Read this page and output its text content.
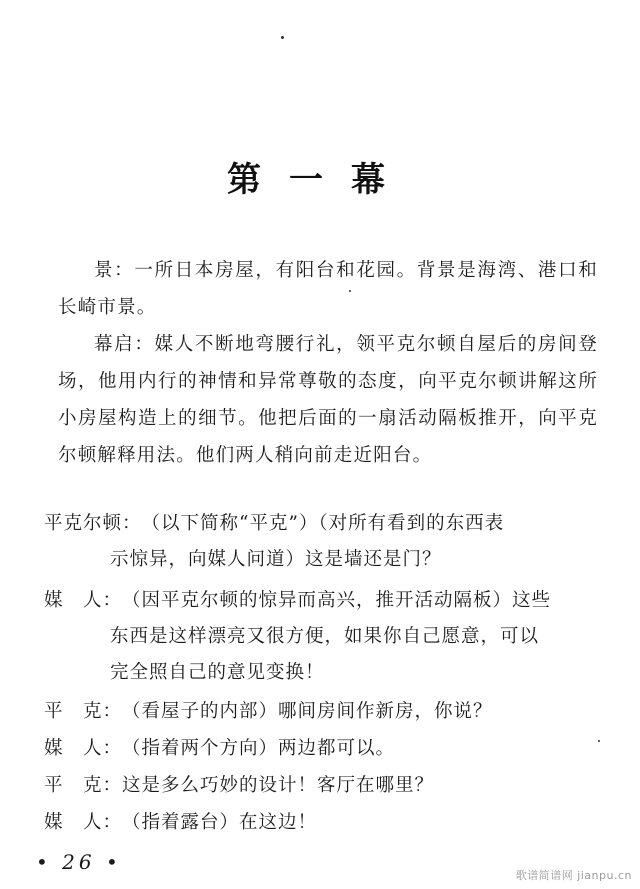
第一幕

景：一所日本房屋，有阳台和花园。背景是海湾、港口和长崎市景。

幕启：媒人不断地弯腰行礼，领平克尔顿自屋后的房间登场，他用内行的神情和异常尊敬的态度，向平克尔顿讲解这所小房屋构造上的细节。他把后面的一扇活动隔板推开，向平克尔顿解释用法。他们两人稍向前走近阳台。

平克尔顿：（以下简称“平克”）（对所有看到的东西表
示惊异，向媒人问道）这是墙还是门？
媒　人：（因平克尔顿的惊异而高兴，推开活动隔板）这些
东西是这样漂亮又很方便，如果你自己愿意，可以
完全照自己的意见变换！
平　克：（看屋子的内部）哪间房间作新房，你说？
媒　人：（指着两个方向）两边都可以。
平　克：这是多么巧妙的设计！客厅在哪里？
媒　人：（指着露台）在这边！
• 26 •
歌谱简谱网 jianpu.cn
